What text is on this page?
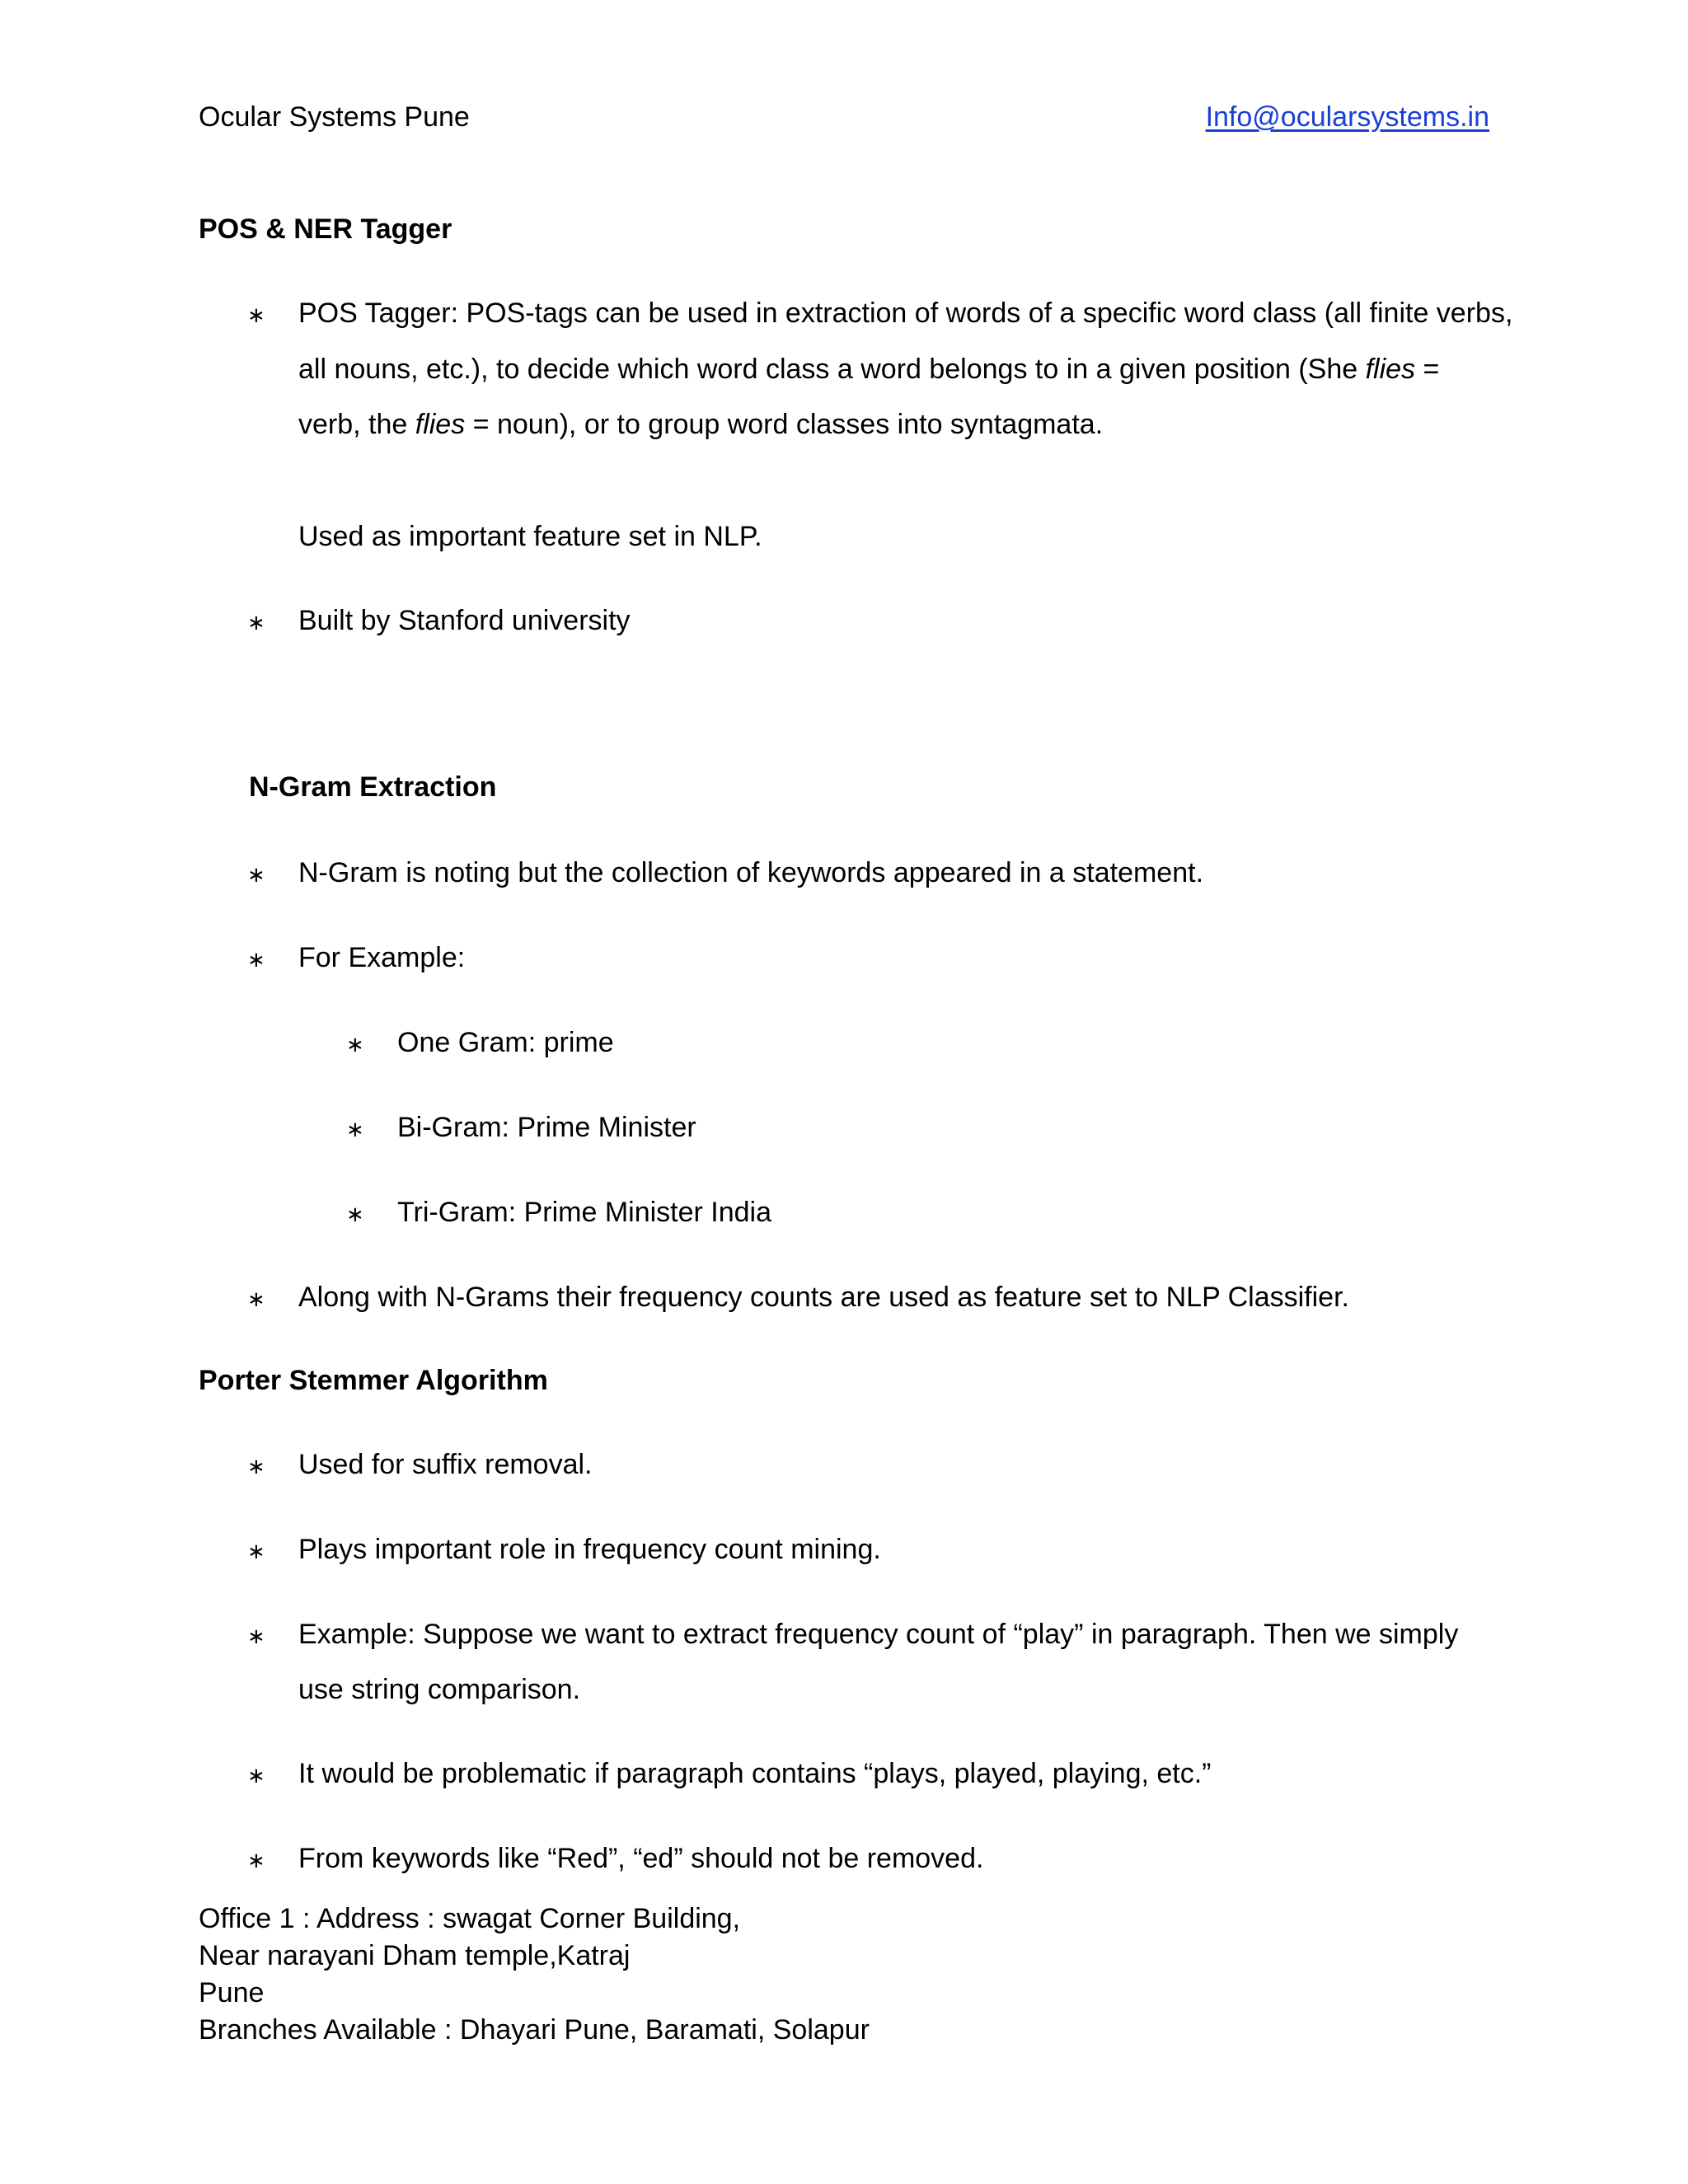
Ocular Systems Pune	Info@ocularsystems.in
POS & NER Tagger
∗ POS Tagger: POS-tags can be used in extraction of words of a specific word class (all finite verbs,
all nouns, etc.), to decide which word class a word belongs to in a given position (She flies =
verb, the flies = noun), or to group word classes into syntagmata.
Used as important feature set in NLP.
∗ Built by Stanford university
N-Gram Extraction
∗ N-Gram is noting but the collection of keywords appeared in a statement.
∗ For Example:
∗ One Gram: prime
∗ Bi-Gram: Prime Minister
∗ Tri-Gram: Prime Minister India
∗ Along with N-Grams their frequency counts are used as feature set to NLP Classifier.
Porter Stemmer Algorithm
∗ Used for suffix removal.
∗ Plays important role in frequency count mining.
∗ Example: Suppose we want to extract frequency count of “play” in paragraph. Then we simply
use string comparison.
∗ It would be problematic if paragraph contains “plays, played, playing, etc.”
∗ From keywords like “Red”, “ed” should not be removed.
Office 1 : Address : swagat Corner Building,
Near narayani Dham temple,Katraj
Pune
Branches Available : Dhayari Pune, Baramati, Solapur
